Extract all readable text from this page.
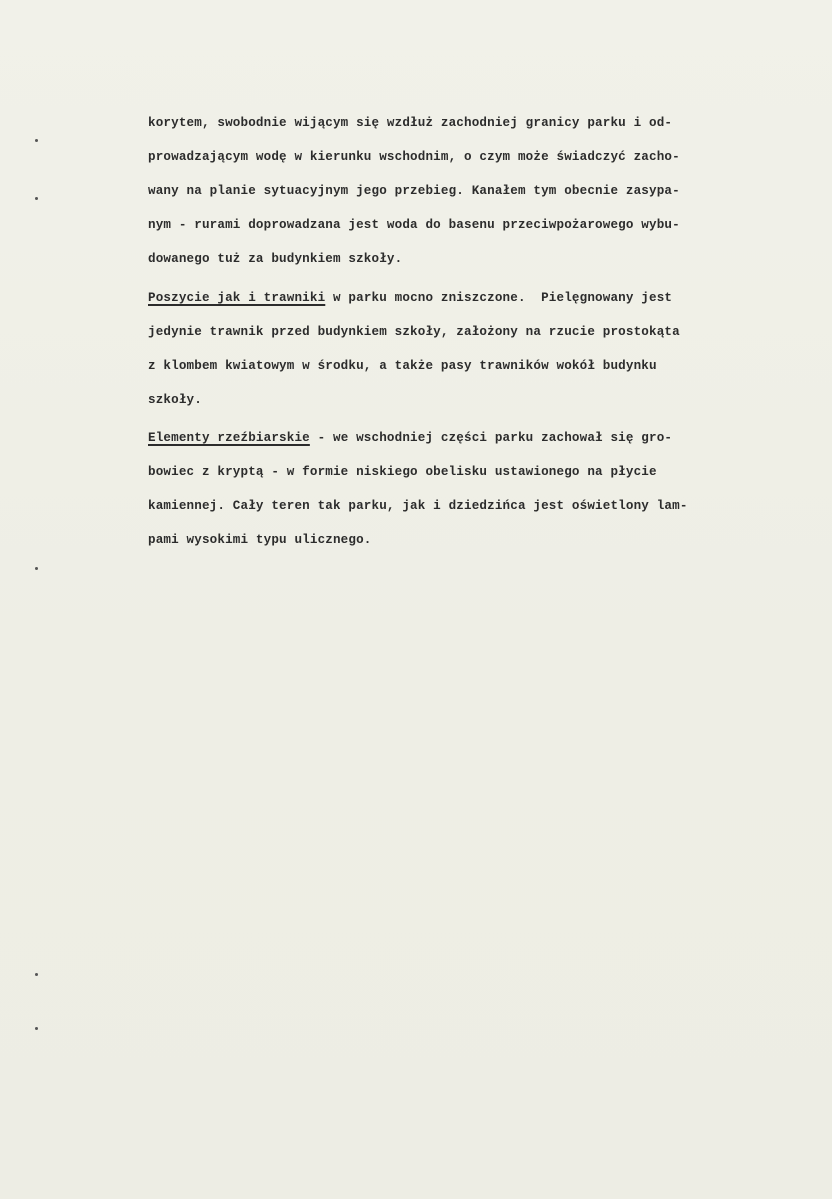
korytem, swobodnie wijącym się wzdłuż zachodniej granicy parku i od-
prowadzającym wodę w kierunku wschodnim, o czym może świadczyć zacho-
wany na planie sytuacyjnym jego przebieg. Kanałem tym obecnie zasypa-
nym - rurami doprowadzana jest woda do basenu przeciwpożarowego wybu-
dowanego tuż za budynkiem szkoły.
Poszycie jak i trawniki w parku mocno zniszczone.  Pielęgnowany jest
jedynie trawnik przed budynkiem szkoły, założony na rzucie prostokąta
z klombem kwiatowym w środku, a także pasy trawników wokół budynku
szkoły.
Elementy rzeźbiarskie - we wschodniej części parku zachował się gro-
bowiec z kryptą - w formie niskiego obelisku ustawionego na płycie
kamiennej. Cały teren tak parku, jak i dziedzińca jest oświetlony lam-
pami wysokimi typu ulicznego.
